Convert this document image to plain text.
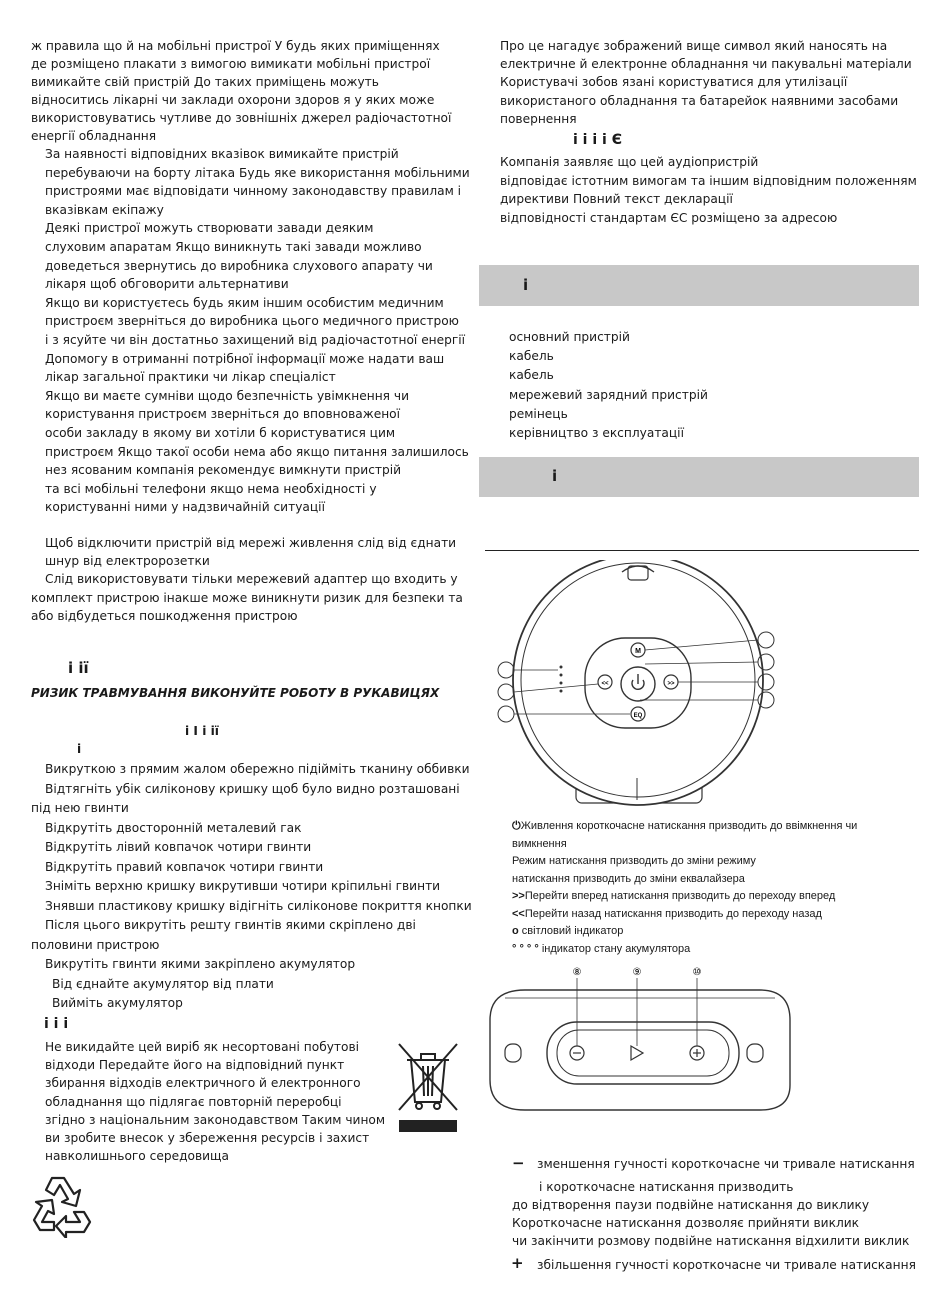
ж правила що й на мобільні пристрої У будь яких приміщеннях
де розміщено плакати з вимогою вимикати мобільні пристрої
вимикайте свій пристрій До таких приміщень можуть
відноситись лікарні чи заклади охорони здоров я у яких може
використовуватись чутливе до зовнішніх джерел радіочастотної
енергії обладнання
За наявності відповідних вказівок вимикайте пристрій
перебуваючи на борту літака Будь яке використання мобільними
пристроями має відповідати чинному законодавству правилам і
вказівкам екіпажу
Деякі пристрої можуть створювати завади деяким
слуховим апаратам Якщо виникнуть такі завади можливо
доведеться звернутись до виробника слухового апарату чи
лікаря щоб обговорити альтернативи
Якщо ви користуєтесь будь яким іншим особистим медичним
пристроєм зверніться до виробника цього медичного пристрою
і з ясуйте чи він достатньо захищений від радіочастотної енергії
Допомогу в отриманні потрібної інформації може надати ваш
лікар загальної практики чи лікар спеціаліст
Якщо ви маєте сумніви щодо безпечність увімкнення чи
користування пристроєм зверніться до вповноваженої
особи закладу в якому ви хотіли б користуватися цим
пристроєм Якщо такої особи нема або якщо питання залишилось
нез ясованим компанія рекомендує вимкнути пристрій
та всі мобільні телефони якщо нема необхідності у
користуванні ними у надзвичайній ситуації
Щоб відключити пристрій від мережі живлення слід від єднати
шнур від електророзетки
Слід використовувати тільки мережевий адаптер що входить у
комплект пристрою інакше може виникнути ризик для безпеки та
або відбудеться пошкодження пристрою
i ії
РИЗИК ТРАВМУВАННЯ ВИКОНУЙТЕ РОБОТУ В РУКАВИЦЯХ
i I i ії
i
Викруткою з прямим жалом обережно підійміть тканину оббивки
Відтягніть убік силіконову кришку щоб було видно розташовані
під нею гвинти
Відкрутіть двосторонній металевий гак
Відкрутіть лівий ковпачок чотири гвинти
Відкрутіть правий ковпачок чотири гвинти
Зніміть верхню кришку викрутивши чотири кріпильні гвинти
Знявши пластикову кришку відігніть силіконове покриття кнопки
Після цього викрутіть решту гвинтів якими скріплено дві
половини пристрою
Викрутіть гвинти якими закріплено акумулятор
Від єднайте акумулятор від плати
Вийміть акумулятор
i i i
Не викидайте цей виріб як несортовані побутові
відходи Передайте його на відповідний пункт
збирання відходів електричного й електронного
обладнання що підлягає повторній переробці
згідно з національним законодавством Таким чином
ви зробите внесок у збереження ресурсів і захист
навколишнього середовища
Про це нагадує зображений вище символ який наносять на
електричне й електронне обладнання чи пакувальні матеріали
Користувачі зобов язані користуватися для утилізації
використаного обладнання та батарейок наявними засобами
повернення
i i i i Є
Компанія заявляє що цей аудіопристрій
відповідає істотним вимогам та іншим відповідним положенням
директиви Повний текст декларації
відповідності стандартам ЄС розміщено за адресою
i
основний пристрій
кабель
кабель
мережевий зарядний пристрій
ремінець
керівництво з експлуатації
i
M
<<	>>
EQ
⏻Живлення короткочасне натискання призводить до ввімкнення чи
вимкнення
Режим натискання призводить до зміни режиму
натискання призводить до зміни еквалайзера
>>Перейти вперед натискання призводить до переходу вперед
<<Перейти назад натискання призводить до переходу назад
o світловий індикатор
° ° ° ° індикатор стану акумулятора
⑧	⑨	⑩
− зменшення гучності короткочасне чи тривале натискання
i короткочасне натискання призводить
до відтворення паузи подвійне натискання до виклику
Короткочасне натискання дозволяє прийняти виклик
чи закінчити розмову подвійне натискання відхилити виклик
+ збільшення гучності короткочасне чи тривале натискання
